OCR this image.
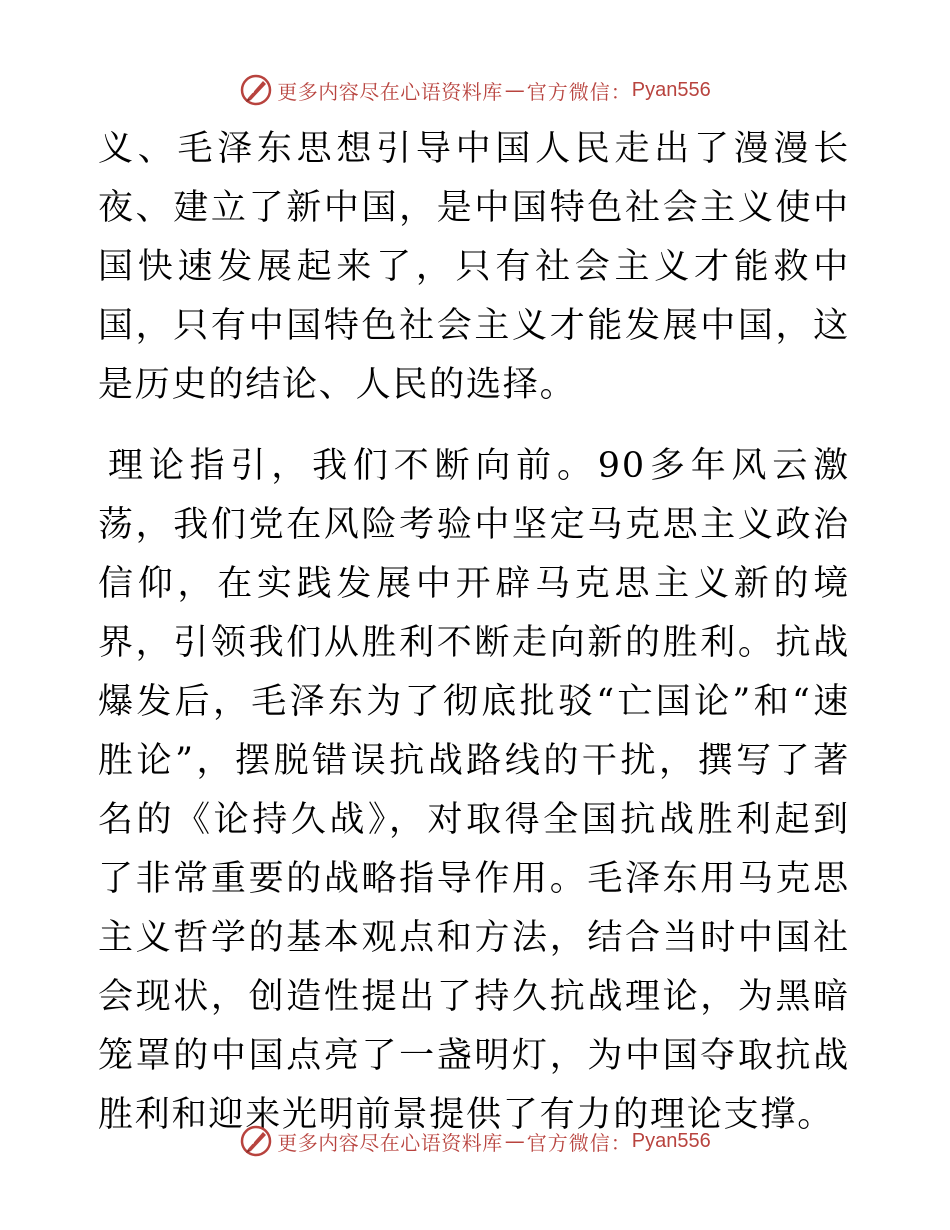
更多内容尽在心语资料库 — 官方微信： Pyan556

义、毛泽东思想引导中国人民走出了漫漫长夜、建立了新中国，是中国特色社会主义使中国快速发展起来了，只有社会主义才能救中国，只有中国特色社会主义才能发展中国，这是历史的结论、人民的选择。

理论指引，我们不断向前。90多年风云激荡，我们党在风险考验中坚定马克思主义政治信仰，在实践发展中开辟马克思主义新的境界，引领我们从胜利不断走向新的胜利。抗战爆发后，毛泽东为了彻底批驳“亡国论”和“速胜论”，摆脱错误抗战路线的干扰，撰写了著名的《论持久战》，对取得全国抗战胜利起到了非常重要的战略指导作用。毛泽东用马克思主义哲学的基本观点和方法，结合当时中国社会现状，创造性提出了持久抗战理论，为黑暗笼罩的中国点亮了一盏明灯，为中国夺取抗战胜利和迎来光明前景提供了有力的理论支撑。

更多内容尽在心语资料库 — 官方微信： Pyan556
